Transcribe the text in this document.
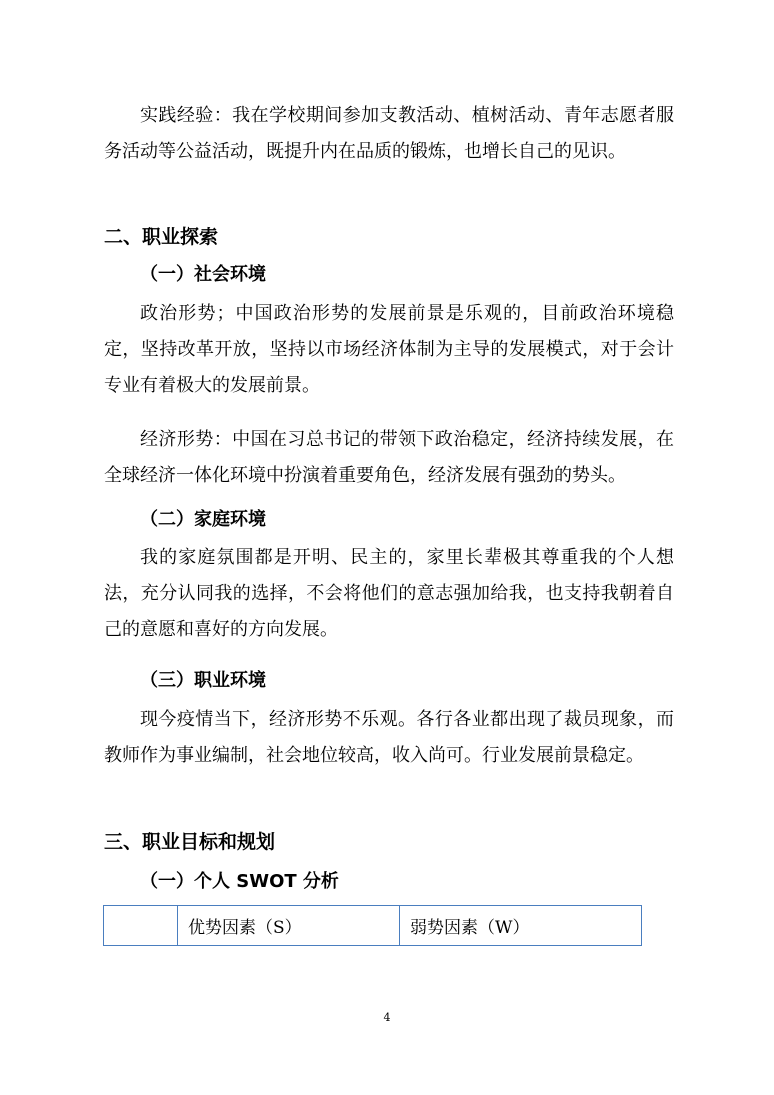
实践经验：我在学校期间参加支教活动、植树活动、青年志愿者服务活动等公益活动，既提升内在品质的锻炼，也增长自己的见识。

二、职业探索
（一）社会环境

政治形势；中国政治形势的发展前景是乐观的，目前政治环境稳定，坚持改革开放，坚持以市场经济体制为主导的发展模式，对于会计专业有着极大的发展前景。

经济形势：中国在习总书记的带领下政治稳定，经济持续发展，在全球经济一体化环境中扮演着重要角色，经济发展有强劲的势头。

（二）家庭环境

我的家庭氛围都是开明、民主的，家里长辈极其尊重我的个人想法，充分认同我的选择，不会将他们的意志强加给我，也支持我朝着自己的意愿和喜好的方向发展。

（三）职业环境

现今疫情当下，经济形势不乐观。各行各业都出现了裁员现象，而教师作为事业编制，社会地位较高，收入尚可。行业发展前景稳定。

三、职业目标和规划
（一）个人 SWOT 分析
	优势因素（S）	弱势因素（W）
4
